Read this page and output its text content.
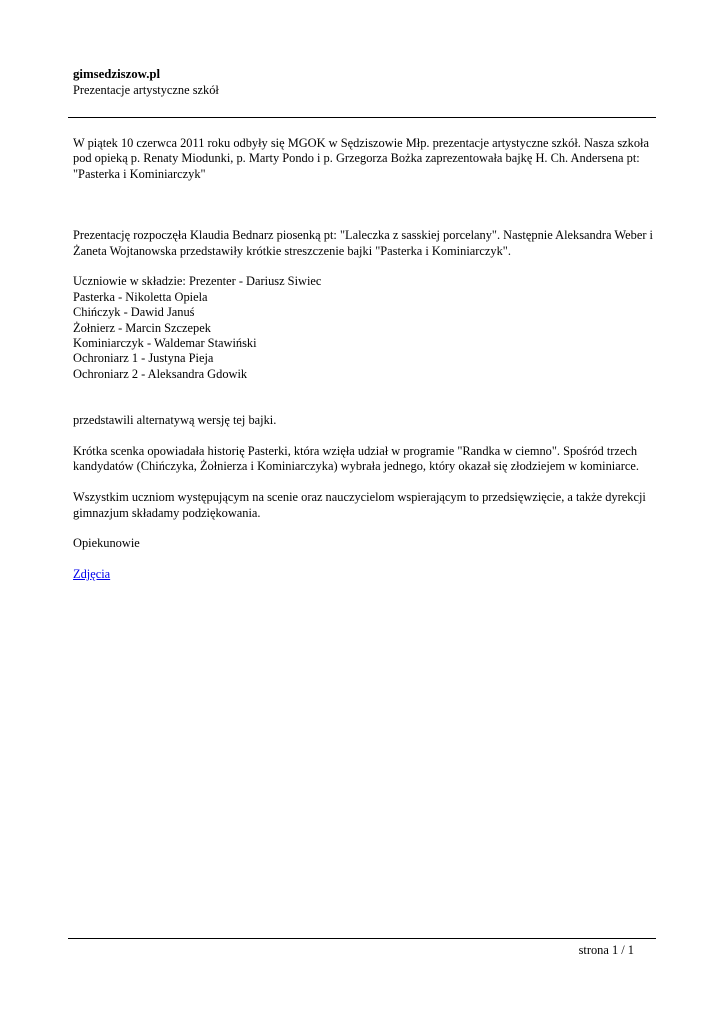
gimsedziszow.pl
Prezentacje artystyczne szkół

W piątek 10 czerwca 2011 roku odbyły się MGOK w Sędziszowie Młp. prezentacje artystyczne szkół. Nasza szkoła pod opieką p. Renaty Miodunki, p. Marty Pondo i p. Grzegorza Bożka zaprezentowała bajkę H. Ch. Andersena pt: "Pasterka i Kominiarczyk"

Prezentację rozpoczęła Klaudia Bednarz piosenką pt: "Laleczka z sasskiej porcelany". Następnie Aleksandra Weber i Żaneta Wojtanowska przedstawiły krótkie streszczenie bajki "Pasterka i Kominiarczyk".

Uczniowie w składzie: Prezenter - Dariusz Siwiec
Pasterka - Nikoletta Opiela
Chińczyk - Dawid Januś
Żołnierz - Marcin Szczepek
Kominiarczyk - Waldemar Stawiński
Ochroniarz 1 - Justyna Pieja
Ochroniarz 2 - Aleksandra Gdowik

przedstawili alternatywą wersję tej bajki.

Krótka scenka opowiadała historię Pasterki, która wzięła udział w programie "Randka w ciemno". Spośród trzech kandydatów (Chińczyka, Żołnierza i Kominiarczyka) wybrała jednego, który okazał się złodziejem w kominiarce.

Wszystkim uczniom występującym na scenie oraz nauczycielom wspierającym to przedsięwzięcie, a także dyrekcji gimnazjum składamy podziękowania.

Opiekunowie

Zdjęcia

strona 1 / 1
